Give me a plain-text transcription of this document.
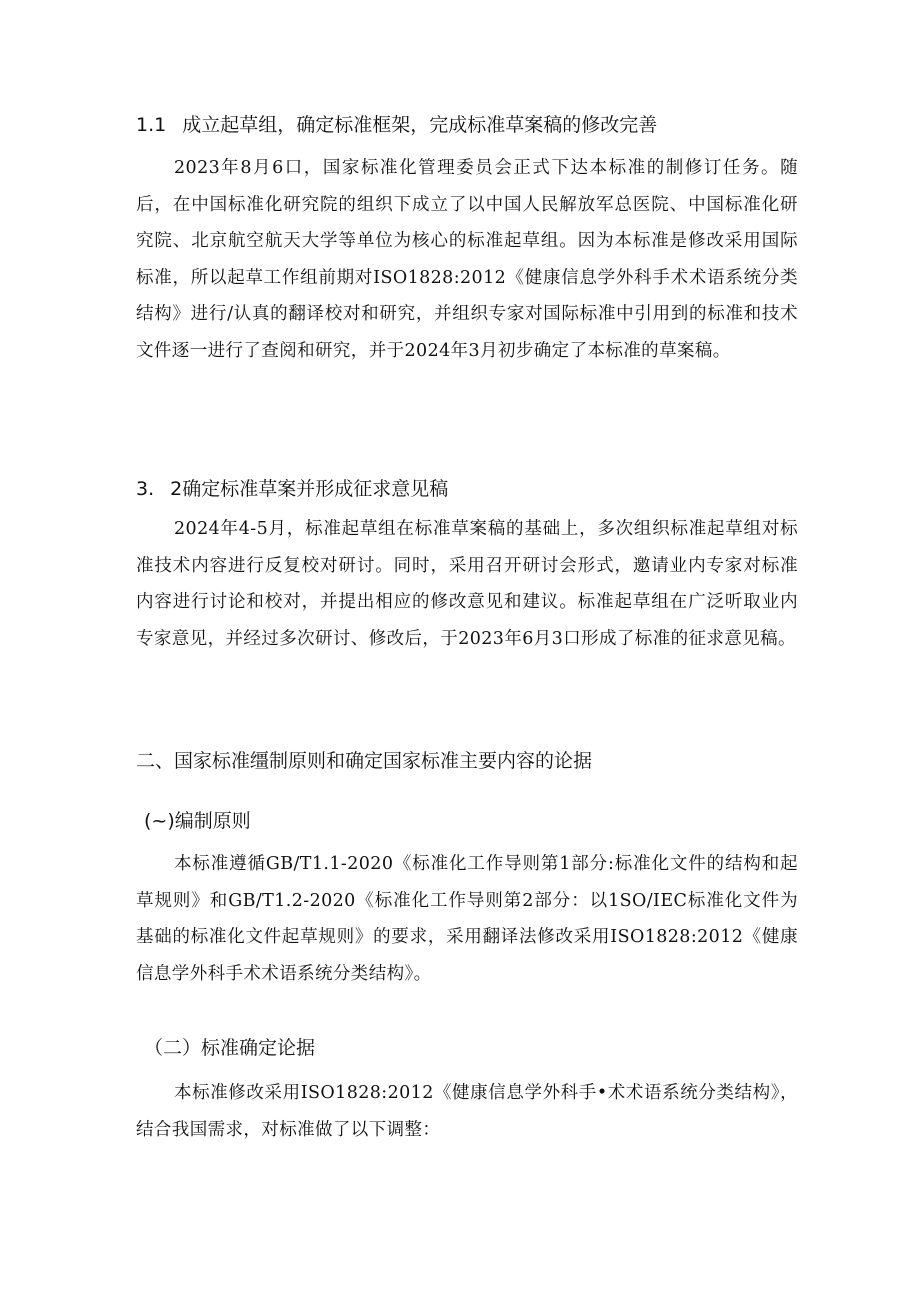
1.1 成立起草组，确定标准框架，完成标准草案稿的修改完善

2023年8月6口，国家标准化管理委员会正式下达本标准的制修订任务。随后，在中国标准化研究院的组织下成立了以中国人民解放军总医院、中国标准化研究院、北京航空航天大学等单位为核心的标准起草组。因为本标准是修改采用国际标准，所以起草工作组前期对ISO1828:2012《健康信息学外科手术术语系统分类结构》进行/认真的翻译校对和研究，并组织专家对国际标准中引用到的标准和技术文件逐一进行了查阅和研究，并于2024年3月初步确定了本标准的草案稿。

3. 2确定标准草案并形成征求意见稿

2024年4-5月，标准起草组在标准草案稿的基础上，多次组织标准起草组对标准技术内容进行反复校对研讨。同时，采用召开研讨会形式，邀请业内专家对标准内容进行讨论和校对，并提出相应的修改意见和建议。标准起草组在广泛听取业内专家意见，并经过多次研讨、修改后，于2023年6月3口形成了标准的征求意见稿。

二、国家标准缰制原则和确定国家标准主要内容的论据
(~)编制原则

本标准遵循GB/T1.1-2020《标准化工作导则第1部分:标准化文件的结构和起草规则》和GB/T1.2-2020《标准化工作导则第2部分：以1SO/IEC标准化文件为基础的标准化文件起草规则》的要求，采用翻译法修改采用ISO1828:2012《健康信息学外科手术术语系统分类结构》。

（二）标准确定论据

本标准修改采用ISO1828:2012《健康信息学外科手•术术语系统分类结构》，结合我国需求，对标准做了以下调整：
